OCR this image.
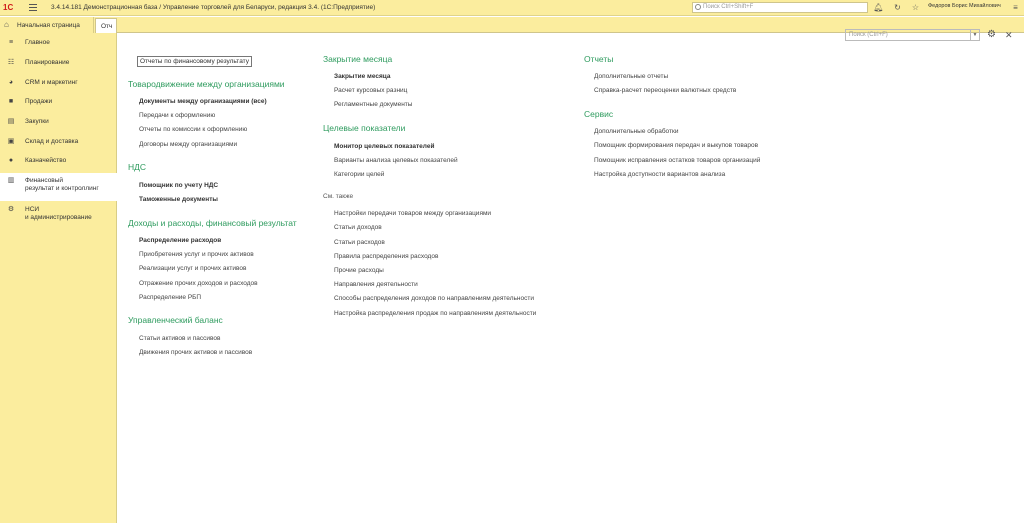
1С	3.4.14.181 Демонстрационная база / Управление торговлей для Беларуси, редакция 3.4. (1С:Предприятие)	Поиск Ctrl+Shift+F	🔔︎ ↻ ☆	Федоров Борис Михайлович	≡
⌂	Начальная страница	Отч
≡	Главное
☷ Планирование
◕ CRM и маркетинг
■ Продажи
▤ Закупки
▣ Склад и доставка
● Казначейство
▥ Финансовый
результат и контроллинг
⚙ НСИ
и администрирование
Поиск (Ctrl+F)	▼ ⚙ ✕
Отчеты по финансовому результату
Товародвижение между организациями
Документы между организациями (все)
Передачи к оформлению
Отчеты по комиссии к оформлению
Договоры между организациями
НДС
Помощник по учету НДС
Таможенные документы
Доходы и расходы, финансовый результат
Распределение расходов
Приобретения услуг и прочих активов
Реализации услуг и прочих активов
Отражение прочих доходов и расходов
Распределение РБП
Управленческий баланс
Статьи активов и пассивов
Движения прочих активов и пассивов
Закрытие месяца
Закрытие месяца
Расчет курсовых разниц
Регламентные документы
Целевые показатели
Монитор целевых показателей
Варианты анализа целевых показателей
Категории целей
См. также
Настройки передачи товаров между организациями
Статьи доходов
Статьи расходов
Правила распределения расходов
Прочие расходы
Направления деятельности
Способы распределения доходов по направлениям деятельности
Настройка распределения продаж по направлениям деятельности
Отчеты
Дополнительные отчеты
Справка-расчет переоценки валютных средств
Сервис
Дополнительные обработки
Помощник формирования передач и выкупов товаров
Помощник исправления остатков товаров организаций
Настройка доступности вариантов анализа
